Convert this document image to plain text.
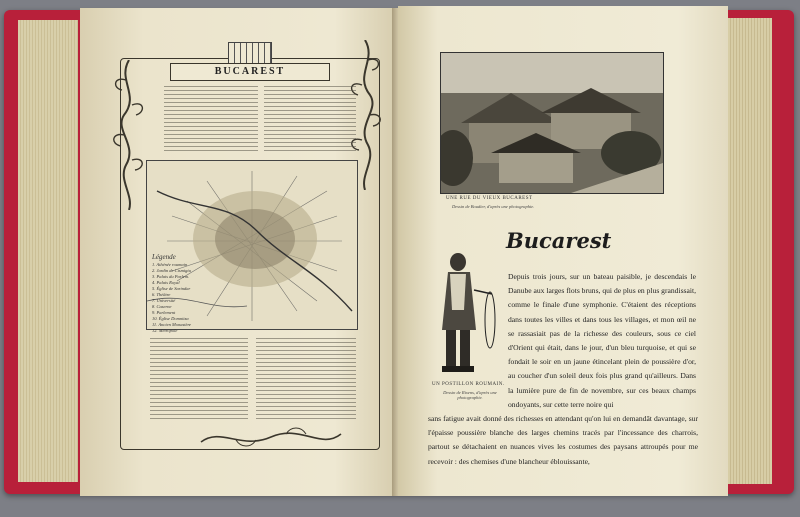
BUCAREST
Légende
1. Athénée roumain
2. Jardin de Cismigiu
3. Palais du Parlem.
4. Palais Royal
5. Église de Sarindar
6. Théâtre
7. Université
8. Caserne
9. Parlement
10. Église Domnitza
11. Ancien Monastère
12. Métropole
UNE RUE DU VIEUX BUCAREST
Dessin de Boudier, d'après une photographie.
Bucarest
Depuis trois jours, sur un bateau paisible, je descendais le Danube aux larges flots bruns, qui de plus en plus grandissait, comme le finale d'une symphonie. C'étaient des réceptions dans toutes les villes et dans tous les villages, et mon œil ne se rassasiait pas de la richesse des couleurs, sous ce ciel d'Orient qui était, dans le jour, d'un bleu turquoise, et qui se fondait le soir en un jaune étincelant plein de poussière d'or, au coucher d'un soleil deux fois plus grand qu'ailleurs. Dans la lumière pure de fin de novembre, sur ces beaux champs ondoyants, sur cette terre noire qui
UN POSTILLON ROUMAIN.
Dessin de Rixens, d'après une photographie.
sans fatigue avait donné des richesses en attendant qu'on lui en demandât davantage, sur l'épaisse poussière blanche des larges chemins tracés par l'incessance des charrois, partout se détachaient en nuances vives les costumes des paysans attroupés pour me recevoir : des chemises d'une blancheur éblouissante,
